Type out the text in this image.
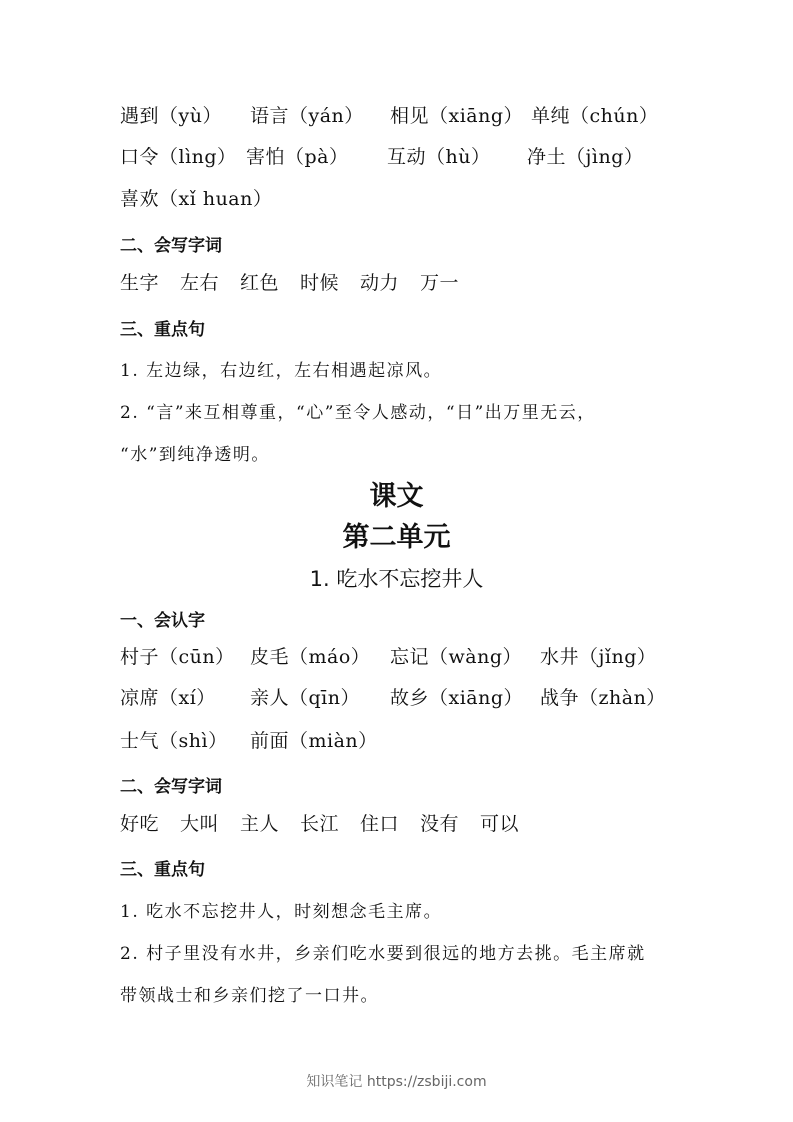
遇到（yù） 语言（yán） 相见（xiāng） 单纯（chún）
口令（lìng） 害怕（pà） 互动（hù） 净土（jìng）
喜欢（xǐ huan）
二、会写字词
生字 左右 红色 时候 动力 万一
三、重点句
1. 左边绿，右边红，左右相遇起凉风。
2. “言”来互相尊重，“心”至令人感动，“日”出万里无云，
“水”到纯净透明。
课文
第二单元
1. 吃水不忘挖井人
一、会认字
村子（cūn） 皮毛（máo） 忘记（wàng） 水井（jǐng）
凉席（xí） 亲人（qīn） 故乡（xiāng） 战争（zhàn）
士气（shì） 前面（miàn）
二、会写字词
好吃 大叫 主人 长江 住口 没有 可以
三、重点句
1. 吃水不忘挖井人，时刻想念毛主席。
2. 村子里没有水井，乡亲们吃水要到很远的地方去挑。毛主席就
带领战士和乡亲们挖了一口井。
知识笔记 https://zsbiji.com
